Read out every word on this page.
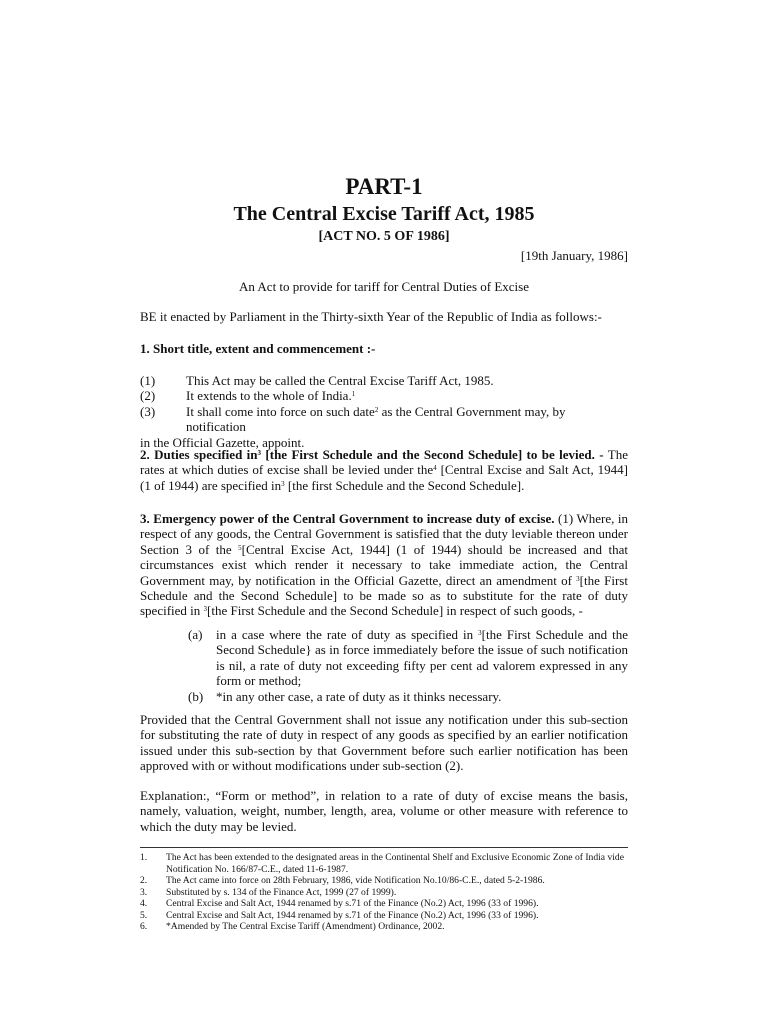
PART-1
The Central Excise Tariff Act, 1985
[ACT NO. 5 OF 1986]
[19th January, 1986]
An Act to provide for tariff for Central Duties of Excise
BE it enacted by Parliament in the Thirty-sixth Year of the Republic of India as follows:-
1. Short title, extent and commencement :-
(1)	This Act may be called the Central Excise Tariff Act, 1985.
(2)	It extends to the whole of India.$^1$
(3)	It shall come into force on such date$^2$ as the Central Government may, by notification
in the Official Gazette, appoint.
2. Duties specified $in^3$ [the First Schedule and the Second Schedule] to be levied. - The rates at which duties of excise shall be levied under the$^4$ [Central Excise and Salt Act, 1944] (1 of 1944) are specified $in^3$ [the first Schedule and the Second Schedule].
3. Emergency power of the Central Government to increase duty of excise. (1) Where, in respect of any goods, the Central Government is satisfied that the duty leviable thereon under Section 3 of the $^5$[Central Excise Act, 1944] (1 of 1944) should be increased and that circumstances exist which render it necessary to take immediate action, the Central Government may, by notification in the Official Gazette, direct an amendment of $^3$[the First Schedule and the Second Schedule] to be made so as to substitute for the rate of duty specified in $^3$[the First Schedule and the Second Schedule] in respect of such goods, -
(a)	in a case where the rate of duty as specified in $^3$[the First Schedule and the Second Schedule} as in force immediately before the issue of such notification is nil, a rate of duty not exceeding fifty per cent ad valorem expressed in any form or method;
(b) *in any other case, a rate of duty as it thinks necessary.
Provided that the Central Government shall not issue any notification under this sub-section for substituting the rate of duty in respect of any goods as specified by an earlier notification issued under this sub-section by that Government before such earlier notification has been approved with or without modifications under sub-section (2).
Explanation:, “Form or method”, in relation to a rate of duty of excise means the basis, namely, valuation, weight, number, length, area, volume or other measure with reference to which the duty may be levied.
1.	The Act has been extended to the designated areas in the Continental Shelf and Exclusive Economic Zone of India vide Notification No. 166/87-C.E., dated 11-6-1987.
2.	The Act came into force on 28th February, 1986, vide Notification No.10/86-C.E., dated 5-2-1986.
3.	Substituted by s. 134 of the Finance Act, 1999 (27 of 1999).
4.	Central Excise and Salt Act, 1944 renamed by s.71 of the Finance (No.2) Act, 1996 (33 of 1996).
5.	Central Excise and Salt Act, 1944 renamed by s.71 of the Finance (No.2) Act, 1996 (33 of 1996).
6.	*Amended by The Central Excise Tariff (Amendment) Ordinance, 2002.
